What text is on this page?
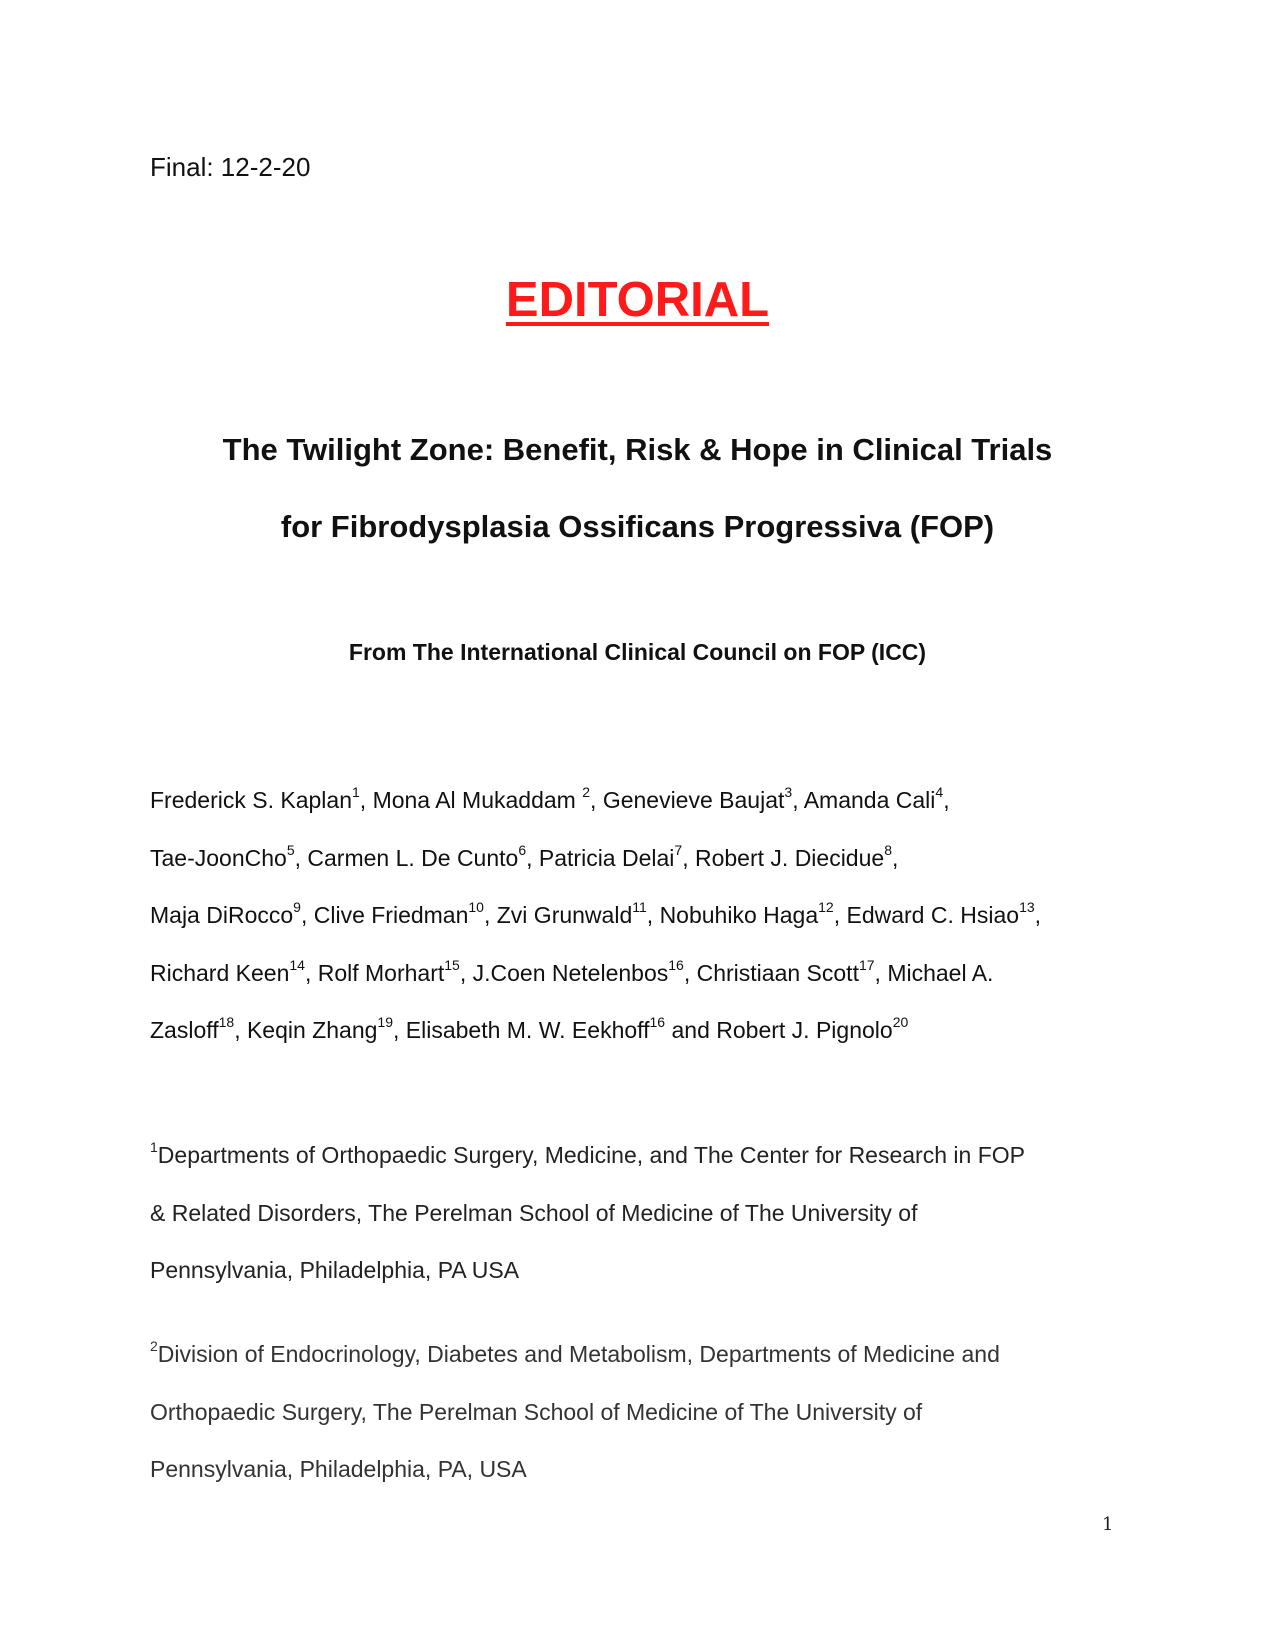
Final: 12-2-20
EDITORIAL
The Twilight Zone: Benefit, Risk & Hope in Clinical Trials
for Fibrodysplasia Ossificans Progressiva (FOP)
From The International Clinical Council on FOP (ICC)
Frederick S. Kaplan$^1$, Mona Al Mukaddam $^2$, Genevieve Baujat$^3$, Amanda Cali$^4$,
Tae-JoonCho$^5$, Carmen L. De Cunto$^6$, Patricia Delai$^7$, Robert J. Diecidue$^8$,
Maja DiRocco$^9$, Clive Friedman$^{10}$, Zvi Grunwald$^{11}$, Nobuhiko Haga$^{12}$, Edward C. Hsiao$^{13}$,
Richard Keen$^{14}$, Rolf Morhart$^{15}$, J.Coen Netelenbos$^{16}$, Christiaan Scott$^{17}$, Michael A.
Zasloff$^{18}$, Keqin Zhang$^{19}$, Elisabeth M. W. Eekhoff$^{16}$ and Robert J. Pignolo$^{20}$
$^1$Departments of Orthopaedic Surgery, Medicine, and The Center for Research in FOP
& Related Disorders, The Perelman School of Medicine of The University of
Pennsylvania, Philadelphia, PA USA
$^2$Division of Endocrinology, Diabetes and Metabolism, Departments of Medicine and
Orthopaedic Surgery, The Perelman School of Medicine of The University of
Pennsylvania, Philadelphia, PA, USA
1
